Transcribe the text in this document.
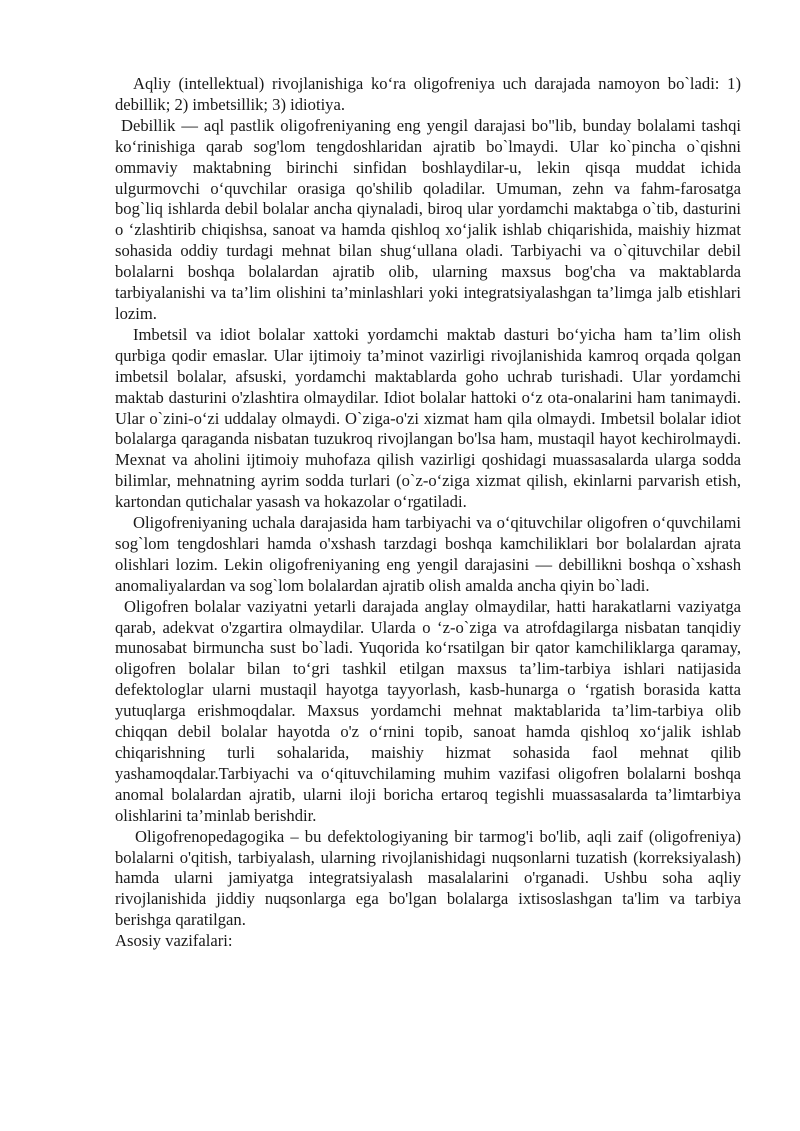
Aqliy (intellektual) rivojlanishiga ko‘ra oligofreniya uch darajada namoyon bo`ladi: 1) debillik; 2) imbetsillik; 3) idiotiya.

Debillik — aql pastlik oligofreniyaning eng yengil darajasi bo"lib, bunday bolalami tashqi ko‘rinishiga qarab sog'lom tengdoshlaridan ajratib bo`lmaydi. Ular ko`pincha o`qishni ommaviy maktabning birinchi sinfidan boshlaydilar-u, lekin qisqa muddat ichida ulgurmovchi o‘quvchilar orasiga qo'shilib qoladilar. Umuman, zehn va fahm-farosatga bog`liq ishlarda debil bolalar ancha qiynaladi, biroq ular yordamchi maktabga o`tib, dasturini o ‘zlashtirib chiqishsa, sanoat va hamda qishloq xo‘jalik ishlab chiqarishida, maishiy hizmat sohasida oddiy turdagi mehnat bilan shug‘ullana oladi. Tarbiyachi va o`qituvchilar debil bolalarni boshqa bolalardan ajratib olib, ularning maxsus bog'cha va maktablarda tarbiyalanishi va ta’lim olishini ta’minlashlari yoki integratsiyalashgan ta’limga jalb etishlari lozim.

Imbetsil va idiot bolalar xattoki yordamchi maktab dasturi bo‘yicha ham ta’lim olish qurbiga qodir emaslar. Ular ijtimoiy ta’minot vazirligi rivojlanishida kamroq orqada qolgan imbetsil bolalar, afsuski, yordamchi maktablarda goho uchrab turishadi. Ular yordamchi maktab dasturini o'zlashtira olmaydilar. Idiot bolalar hattoki o‘z ota-onalarini ham tanimaydi. Ular o`zini-o‘zi uddalay olmaydi. O`ziga-o'zi xizmat ham qila olmaydi. Imbetsil bolalar idiot bolalarga qaraganda nisbatan tuzukroq rivojlangan bo'lsa ham, mustaqil hayot kechirolmaydi. Mexnat va aholini ijtimoiy muhofaza qilish vazirligi qoshidagi muassasalarda ularga sodda bilimlar, mehnatning ayrim sodda turlari (o`z-o‘ziga xizmat qilish, ekinlarni parvarish etish, kartondan qutichalar yasash va hokazolar o‘rgatiladi.

Oligofreniyaning uchala darajasida ham tarbiyachi va o‘qituvchilar oligofren o‘quvchilami sog`lom tengdoshlari hamda o'xshash tarzdagi boshqa kamchiliklari bor bolalardan ajrata olishlari lozim. Lekin oligofreniyaning eng yengil darajasini — debillikni boshqa o`xshash anomaliyalardan va sog`lom bolalardan ajratib olish amalda ancha qiyin bo`ladi.

Oligofren bolalar vaziyatni yetarli darajada anglay olmaydilar, hatti harakatlarni vaziyatga qarab, adekvat o'zgartira olmaydilar. Ularda o ‘z-o`ziga va atrofdagilarga nisbatan tanqidiy munosabat birmuncha sust bo`ladi. Yuqorida ko‘rsatilgan bir qator kamchiliklarga qaramay, oligofren bolalar bilan to‘gri tashkil etilgan maxsus ta’lim-tarbiya ishlari natijasida defektologlar ularni mustaqil hayotga tayyorlash, kasb-hunarga o ‘rgatish borasida katta yutuqlarga erishmoqdalar. Maxsus yordamchi mehnat maktablarida ta’lim-tarbiya olib chiqqan debil bolalar hayotda o'z o‘rnini topib, sanoat hamda qishloq xo‘jalik ishlab chiqarishning turli sohalarida, maishiy hizmat sohasida faol mehnat qilib yashamoqdalar.Tarbiyachi va o‘qituvchilaming muhim vazifasi oligofren bolalarni boshqa anomal bolalardan ajratib, ularni iloji boricha ertaroq tegishli muassasalarda ta’limtarbiya olishlarini ta’minlab berishdir.

Oligofrenopedagogika – bu defektologiyaning bir tarmog'i bo'lib, aqli zaif (oligofreniya) bolalarni o'qitish, tarbiyalash, ularning rivojlanishidagi nuqsonlarni tuzatish (korreksiyalash) hamda ularni jamiyatga integratsiyalash masalalarini o'rganadi. Ushbu soha aqliy rivojlanishida jiddiy nuqsonlarga ega bo'lgan bolalarga ixtisoslashgan ta'lim va tarbiya berishga qaratilgan.

Asosiy vazifalari:
